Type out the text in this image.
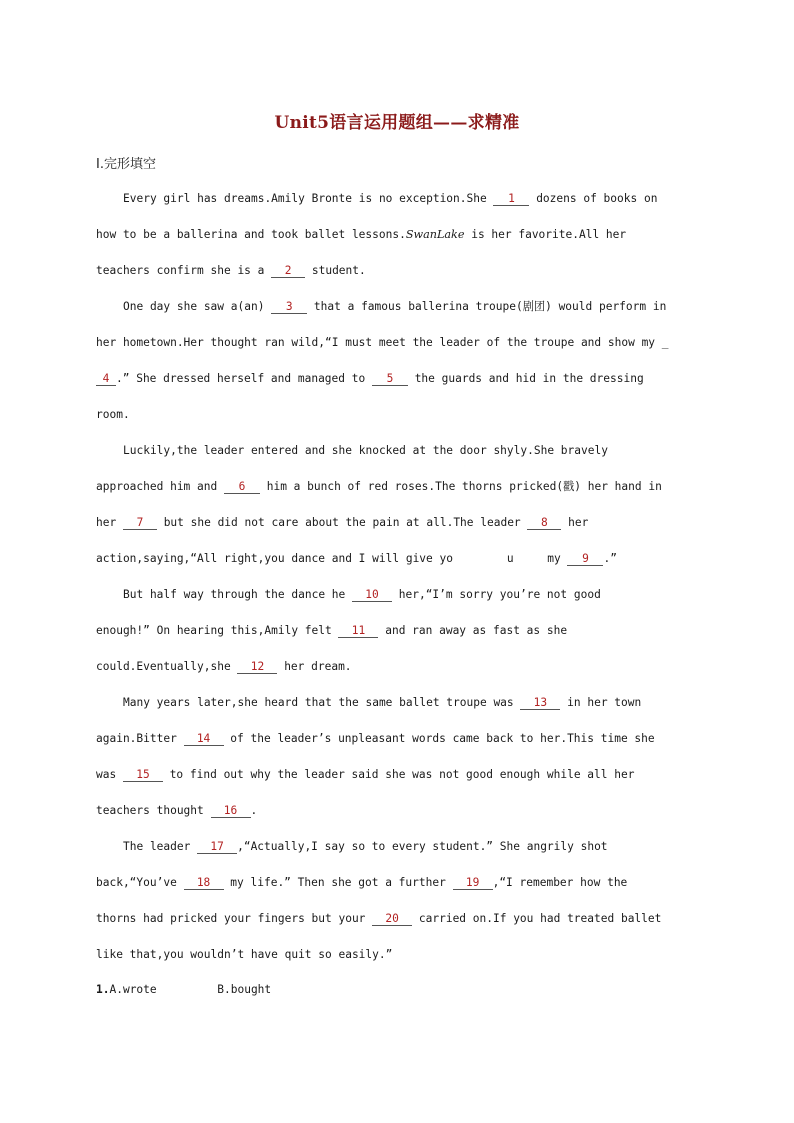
Unit5语言运用题组——求精准
Ⅰ.完形填空
Every girl has dreams.Amily Bronte is no exception.She 1 dozens of books on
how to be a ballerina and took ballet lessons.SwanLake is her favorite.All her
teachers confirm she is a 2 student.
One day she saw a(an) 3 that a famous ballerina troupe(剧团) would perform in
her hometown.Her thought ran wild,“I must meet the leader of the troupe and show my _
4 .” She dressed herself and managed to 5 the guards and hid in the dressing
room.
Luckily,the leader entered and she knocked at the door shyly.She bravely
approached him and 6 him a bunch of red roses.The thorns pricked(戳) her hand in
her 7 but she did not care about the pain at all.The leader 8 her
action,saying,“All right,you dance and I will give yo        u     my 9 .”
But half way through the dance he 10 her,“I’m sorry you’re not good
enough!” On hearing this,Amily felt 11 and ran away as fast as she
could.Eventually,she 12 her dream.
Many years later,she heard that the same ballet troupe was 13 in her town
again.Bitter 14 of the leader’s unpleasant words came back to her.This time she
was 15 to find out why the leader said she was not good enough while all her
teachers thought 16 .
The leader 17 ,“Actually,I say so to every student.” She angrily shot
back,“You’ve 18 my life.” Then she got a further 19 ,“I remember how the
thorns had pricked your fingers but your 20 carried on.If you had treated ballet
like that,you wouldn’t have quit so easily.”
1.A.wrote	B.bought
